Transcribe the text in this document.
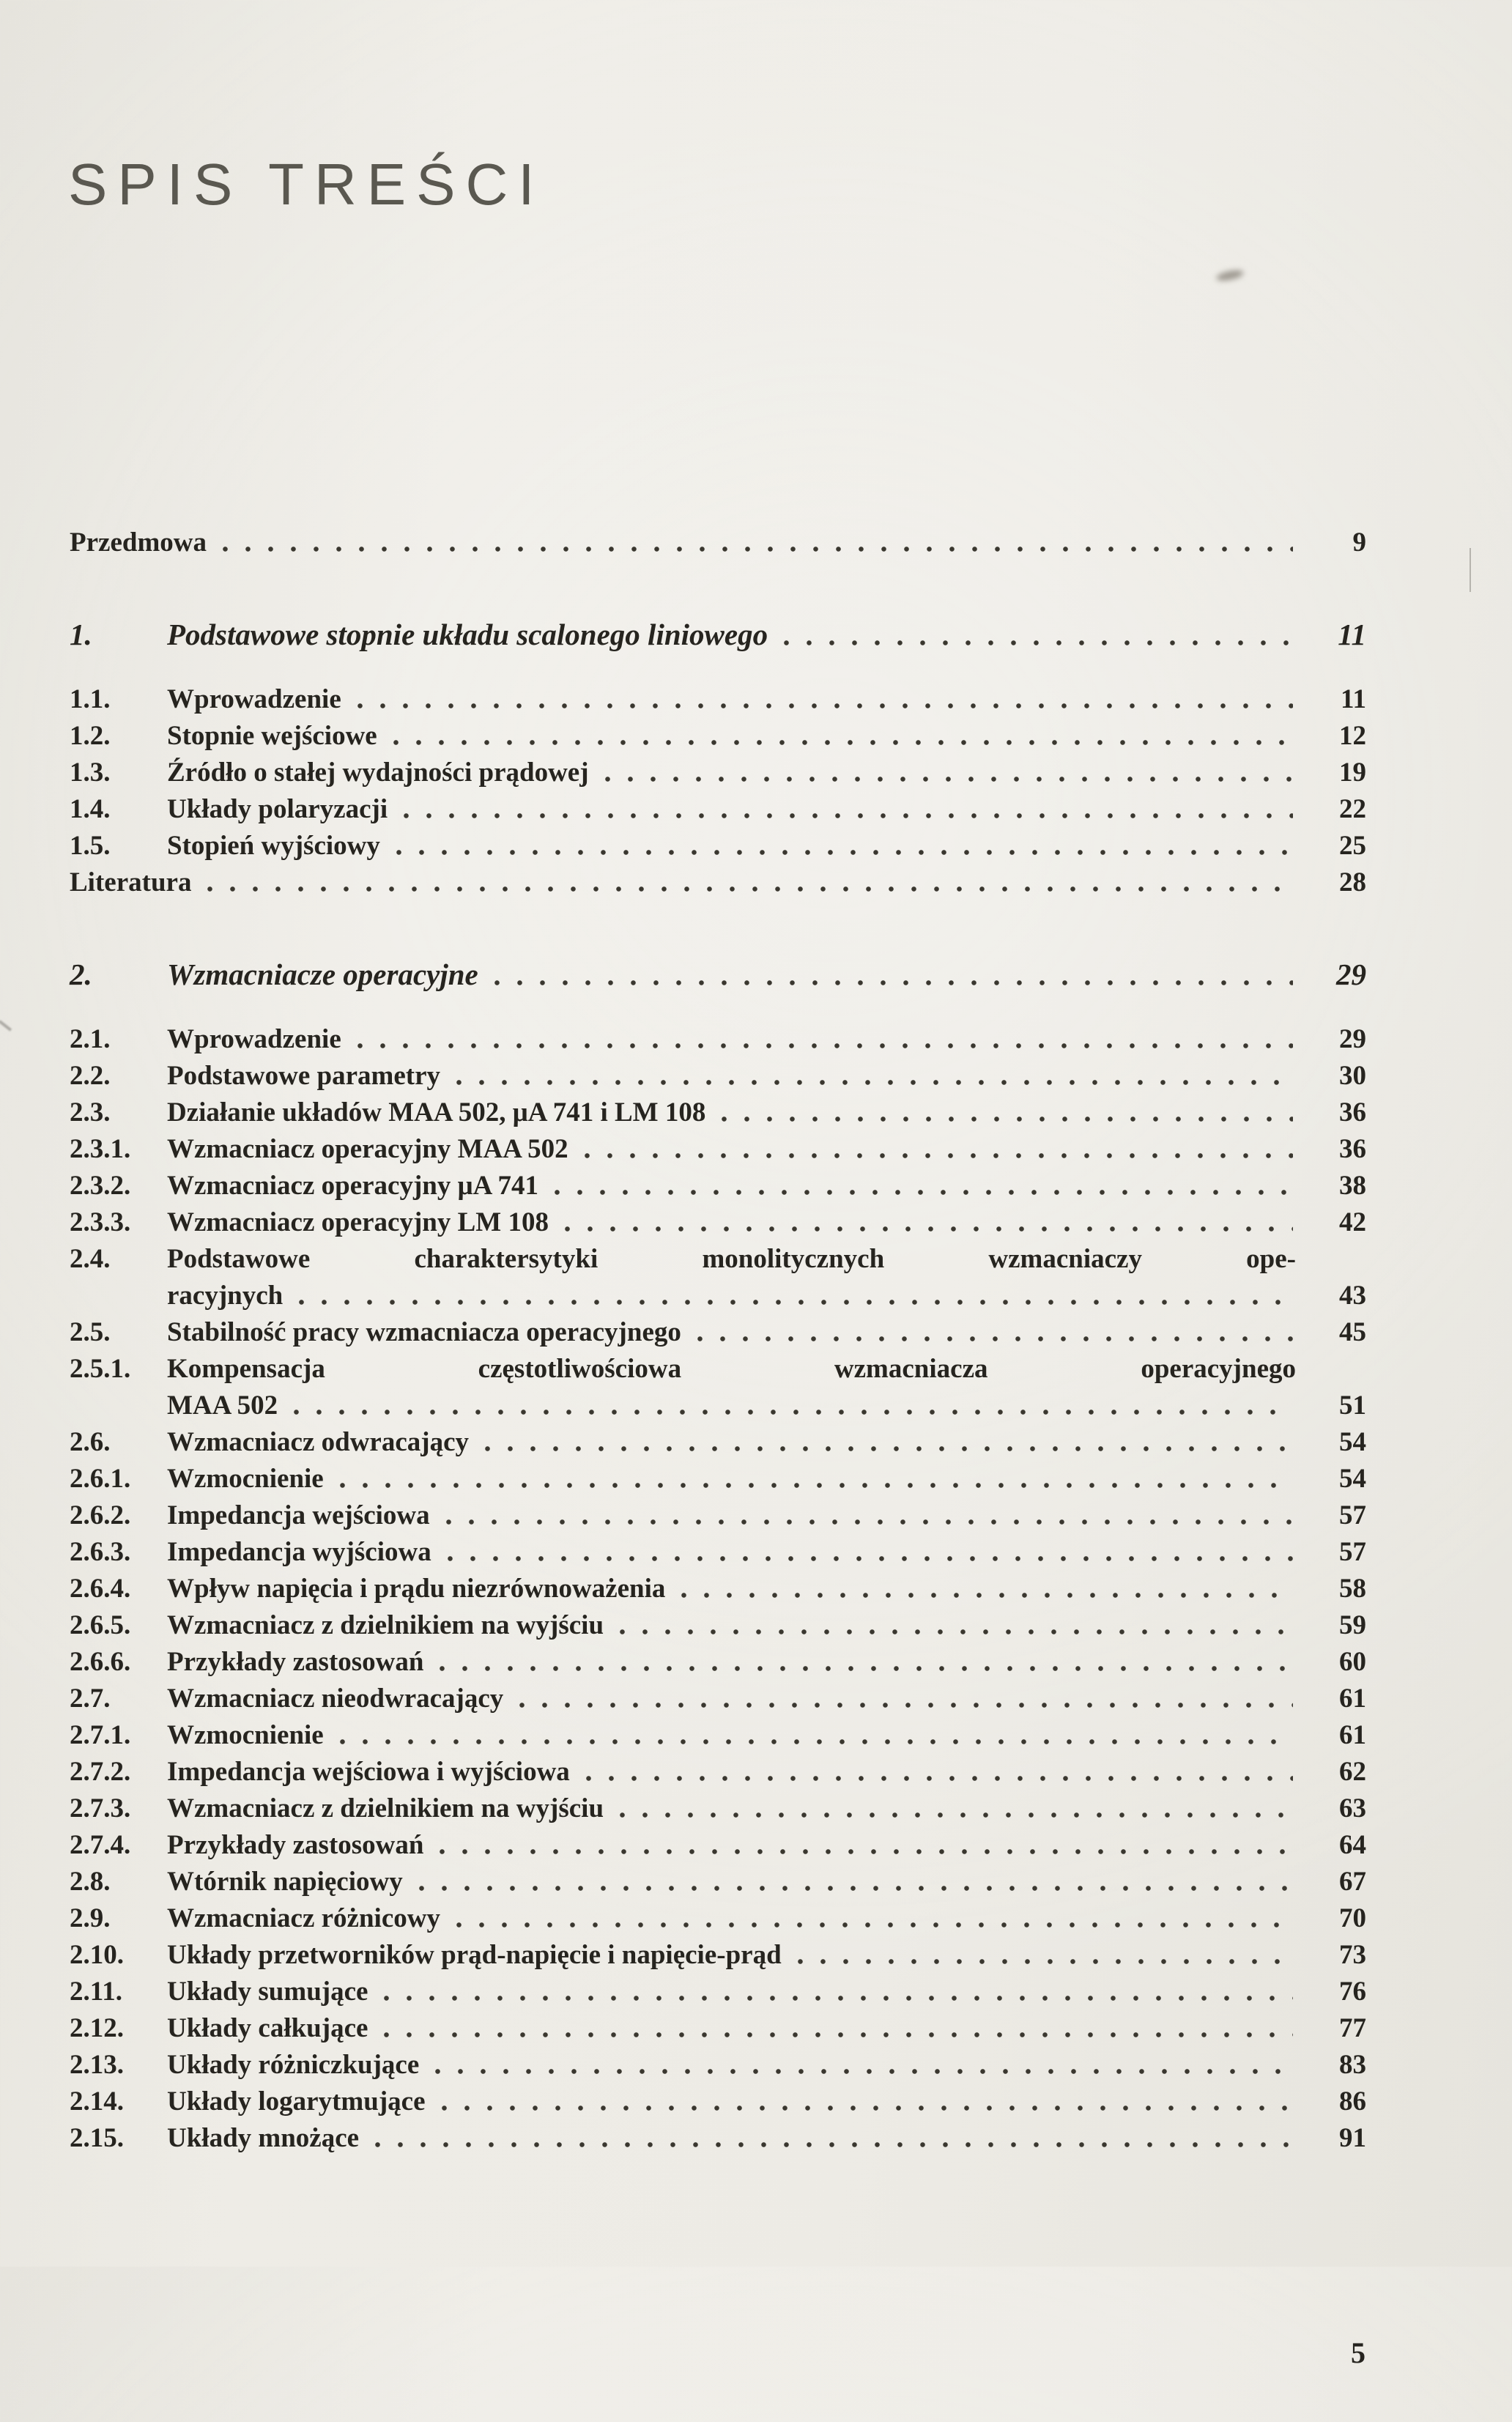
SPIS TREŚCI
Przedmowa	9
1.	Podstawowe stopnie układu scalonego liniowego	11
1.1.	Wprowadzenie	11
1.2.	Stopnie wejściowe	12
1.3.	Źródło o stałej wydajności prądowej	19
1.4.	Układy polaryzacji	22
1.5.	Stopień wyjściowy	25
Literatura	28
2.	Wzmacniacze operacyjne	29
2.1.	Wprowadzenie	29
2.2.	Podstawowe parametry	30
2.3.	Działanie układów MAA 502, μA 741 i LM 108	36
2.3.1.	Wzmacniacz operacyjny MAA 502	36
2.3.2.	Wzmacniacz operacyjny μA 741	38
2.3.3.	Wzmacniacz operacyjny LM 108	42
2.4.	Podstawowe charaktersytyki monolitycznych wzmacniaczy ope-
racyjnych	43
2.5.	Stabilność pracy wzmacniacza operacyjnego	45
2.5.1.	Kompensacja częstotliwościowa wzmacniacza operacyjnego
MAA 502	51
2.6.	Wzmacniacz odwracający	54
2.6.1.	Wzmocnienie	54
2.6.2.	Impedancja wejściowa	57
2.6.3.	Impedancja wyjściowa	57
2.6.4.	Wpływ napięcia i prądu niezrównoważenia	58
2.6.5.	Wzmacniacz z dzielnikiem na wyjściu	59
2.6.6.	Przykłady zastosowań	60
2.7.	Wzmacniacz nieodwracający	61
2.7.1.	Wzmocnienie	61
2.7.2.	Impedancja wejściowa i wyjściowa	62
2.7.3.	Wzmacniacz z dzielnikiem na wyjściu	63
2.7.4.	Przykłady zastosowań	64
2.8.	Wtórnik napięciowy	67
2.9.	Wzmacniacz różnicowy	70
2.10.	Układy przetworników prąd-napięcie i napięcie-prąd	73
2.11.	Układy sumujące	76
2.12.	Układy całkujące	77
2.13.	Układy różniczkujące	83
2.14.	Układy logarytmujące	86
2.15.	Układy mnożące	91
5
